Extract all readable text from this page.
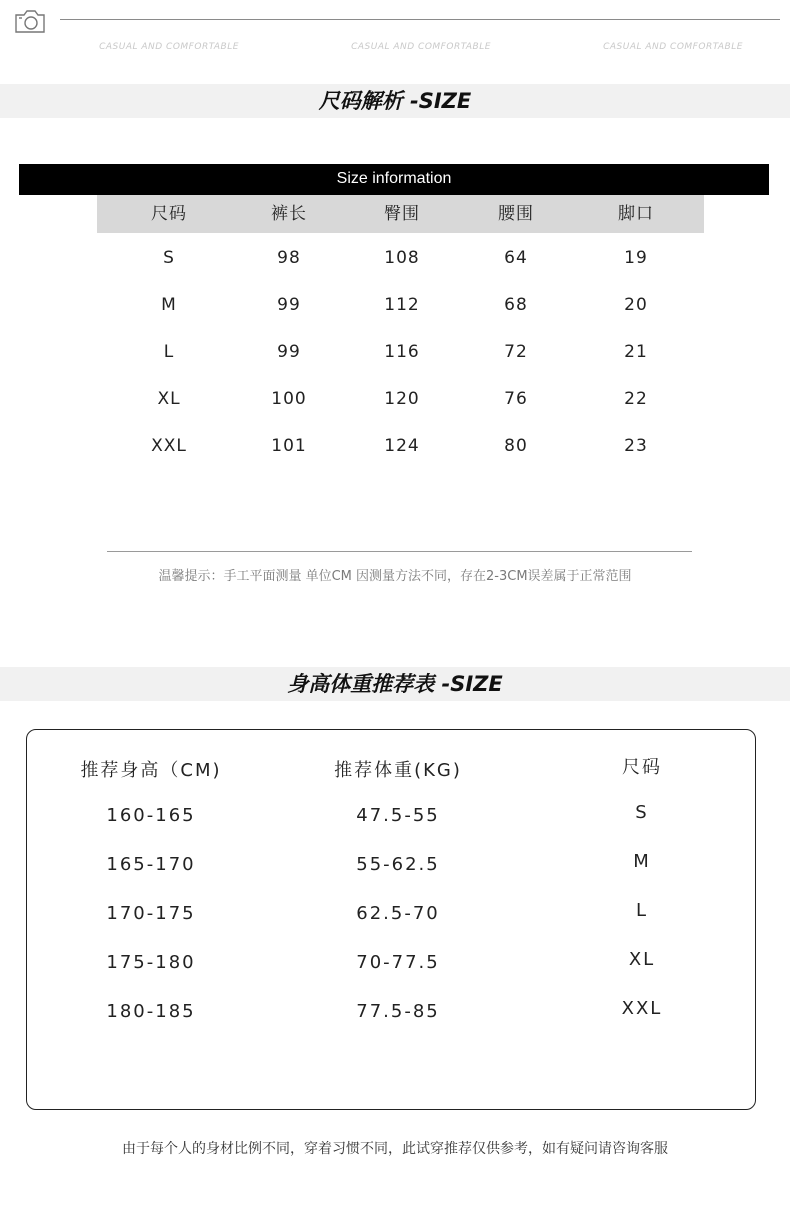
CASUAL AND COMFORTABLE	CASUAL AND COMFORTABLE	CASUAL AND COMFORTABLE
尺码解析 -SIZE
Size information
尺码	裤长	臀围	腰围	脚口
S	98	108	64	19
M	99	112	68	20
L	99	116	72	21
XL	100	120	76	22
XXL	101	124	80	23
温馨提示：手工平面测量 单位CM 因测量方法不同，存在2-3CM误差属于正常范围
身高体重推荐表 -SIZE
推荐身高（CM)	推荐体重(KG)	尺码
160-165	47.5-55	S
165-170	55-62.5	M
170-175	62.5-70	L
175-180	70-77.5	XL
180-185	77.5-85	XXL
由于每个人的身材比例不同，穿着习惯不同，此试穿推荐仅供参考，如有疑问请咨询客服
